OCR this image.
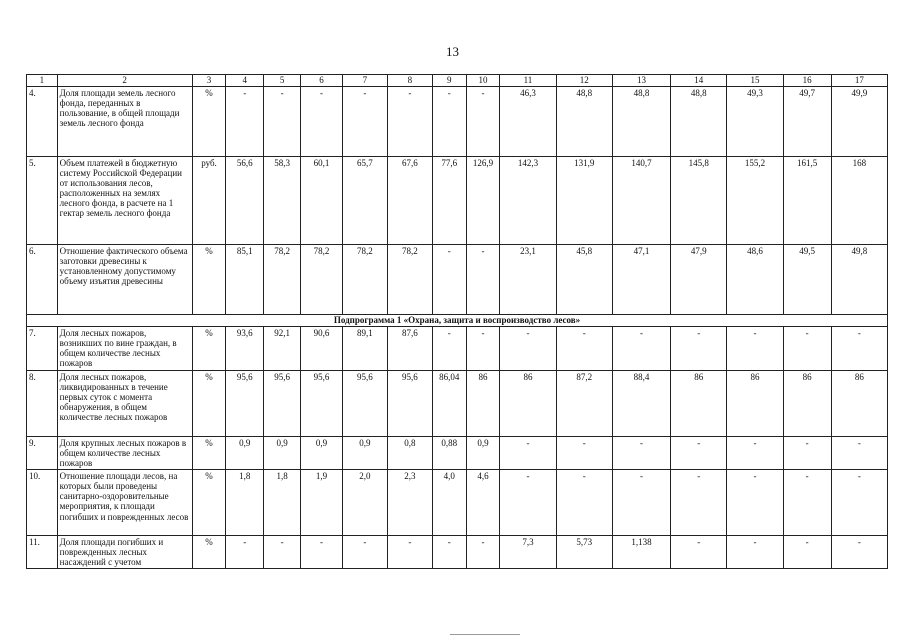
13
1	2	3	4	5	6	7	8	9	10	11	12	13	14	15	16	17
4.	Доля площади земель лесного фонда, переданных в пользование, в общей площади земель лесного фонда	%	-	-	-	-	-	-	-	46,3	48,8	48,8	48,8	49,3	49,7	49,9
5.	Объем платежей в бюджетную систему Российской Федерации от использования лесов, расположенных на землях лесного фонда, в расчете на 1 гектар земель лесного фонда	руб.	56,6	58,3	60,1	65,7	67,6	77,6	126,9	142,3	131,9	140,7	145,8	155,2	161,5	168
6.	Отношение фактического объема заготовки древесины к установленному допустимому объему изъятия древесины	%	85,1	78,2	78,2	78,2	78,2	-	-	23,1	45,8	47,1	47,9	48,6	49,5	49,8
Подпрограмма 1 «Охрана, защита и воспроизводство лесов»																
7.	Доля лесных пожаров, возникших по вине граждан, в общем количестве лесных пожаров	%	93,6	92,1	90,6	89,1	87,6	-	-	-	-	-	-	-	-	-
8.	Доля лесных пожаров, ликвидированных в течение первых суток с момента обнаружения, в общем количестве лесных пожаров	%	95,6	95,6	95,6	95,6	95,6	86,04	86	86	87,2	88,4	86	86	86	86
9.	Доля крупных лесных пожаров в общем количестве лесных пожаров	%	0,9	0,9	0,9	0,9	0,8	0,88	0,9	-	-	-	-	-	-	-
10.	Отношение площади лесов, на которых были проведены санитарно-оздоровительные мероприятия, к площади погибших и поврежденных лесов	%	1,8	1,8	1,9	2,0	2,3	4,0	4,6	-	-	-	-	-	-	-
11.	Доля площади погибших и поврежденных лесных насаждений с учетом	%	-	-	-	-	-	-	-	7,3	5,73	1,138	-	-	-	-
